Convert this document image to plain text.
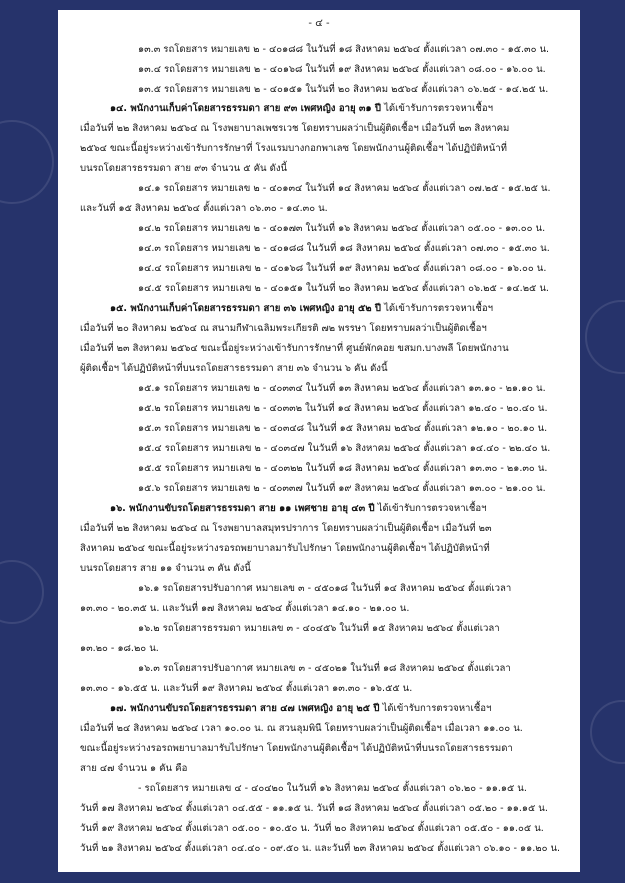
- ๔ -
๑๓.๓ รถโดยสาร หมายเลข ๒ - ๔๐๑๘๘ ในวันที่ ๑๘ สิงหาคม ๒๕๖๔ ตั้งแต่เวลา ๐๗.๓๐ - ๑๕.๓๐ น.
๑๓.๔ รถโดยสาร หมายเลข ๒ - ๔๐๑๖๘ ในวันที่ ๑๙ สิงหาคม ๒๕๖๔ ตั้งแต่เวลา ๐๘.๐๐ - ๑๖.๐๐ น.
๑๓.๕ รถโดยสาร หมายเลข ๒ - ๔๐๑๕๑ ในวันที่ ๒๐ สิงหาคม ๒๕๖๔ ตั้งแต่เวลา ๐๖.๒๕ - ๑๔.๒๕ น.
๑๔. พนักงานเก็บค่าโดยสารธรรมดา สาย ๙๓ เพศหญิง อายุ ๓๑ ปี ได้เข้ารับการตรวจหาเชื้อฯ
เมื่อวันที่ ๒๒ สิงหาคม ๒๕๖๔ ณ โรงพยาบาลเพชรเวช โดยทราบผลว่าเป็นผู้ติดเชื้อฯ เมื่อวันที่ ๒๓ สิงหาคม
๒๕๖๔ ขณะนี้อยู่ระหว่างเข้ารับการรักษาที่ โรงแรมบางกอกพาเลซ โดยพนักงานผู้ติดเชื้อฯ ได้ปฏิบัติหน้าที่
บนรถโดยสารธรรมดา สาย ๙๓ จำนวน ๕ คัน ดังนี้
๑๔.๑ รถโดยสาร หมายเลข ๒ - ๔๐๑๓๔ ในวันที่ ๑๔ สิงหาคม ๒๕๖๔ ตั้งแต่เวลา ๐๗.๒๕ - ๑๕.๒๕ น.
และวันที่ ๑๕ สิงหาคม ๒๕๖๔ ตั้งแต่เวลา ๐๖.๓๐ - ๑๔.๓๐ น.
๑๔.๒ รถโดยสาร หมายเลข ๒ - ๔๐๑๗๓ ในวันที่ ๑๖ สิงหาคม ๒๕๖๔ ตั้งแต่เวลา ๐๕.๐๐ - ๑๓.๐๐ น.
๑๔.๓ รถโดยสาร หมายเลข ๒ - ๔๐๑๘๘ ในวันที่ ๑๘ สิงหาคม ๒๕๖๔ ตั้งแต่เวลา ๐๗.๓๐ - ๑๕.๓๐ น.
๑๔.๔ รถโดยสาร หมายเลข ๒ - ๔๐๑๖๘ ในวันที่ ๑๙ สิงหาคม ๒๕๖๔ ตั้งแต่เวลา ๐๘.๐๐ - ๑๖.๐๐ น.
๑๔.๕ รถโดยสาร หมายเลข ๒ - ๔๐๑๕๑ ในวันที่ ๒๐ สิงหาคม ๒๕๖๔ ตั้งแต่เวลา ๐๖.๒๕ - ๑๔.๒๕ น.
๑๕. พนักงานเก็บค่าโดยสารธรรมดา สาย ๓๖ เพศหญิง อายุ ๕๒ ปี ได้เข้ารับการตรวจหาเชื้อฯ
เมื่อวันที่ ๒๐ สิงหาคม ๒๕๖๔ ณ สนามกีฬาเฉลิมพระเกียรติ ๗๒ พรรษา โดยทราบผลว่าเป็นผู้ติดเชื้อฯ
เมื่อวันที่ ๒๓ สิงหาคม ๒๕๖๔ ขณะนี้อยู่ระหว่างเข้ารับการรักษาที่ ศูนย์พักคอย ขสมก.บางพลี โดยพนักงาน
ผู้ติดเชื้อฯ ได้ปฏิบัติหน้าที่บนรถโดยสารธรรมดา สาย ๓๖ จำนวน ๖ คัน ดังนี้
๑๕.๑ รถโดยสาร หมายเลข ๒ - ๔๐๓๓๔ ในวันที่ ๑๓ สิงหาคม ๒๕๖๔ ตั้งแต่เวลา ๑๓.๑๐ - ๒๑.๑๐ น.
๑๕.๒ รถโดยสาร หมายเลข ๒ - ๔๐๓๓๒ ในวันที่ ๑๔ สิงหาคม ๒๕๖๔ ตั้งแต่เวลา ๑๒.๔๐ - ๒๐.๔๐ น.
๑๕.๓ รถโดยสาร หมายเลข ๒ - ๔๐๓๔๘ ในวันที่ ๑๕ สิงหาคม ๒๕๖๔ ตั้งแต่เวลา ๑๒.๑๐ - ๒๐.๑๐ น.
๑๕.๔ รถโดยสาร หมายเลข ๒ - ๔๐๓๔๗ ในวันที่ ๑๖ สิงหาคม ๒๕๖๔ ตั้งแต่เวลา ๑๔.๔๐ - ๒๒.๔๐ น.
๑๕.๕ รถโดยสาร หมายเลข ๒ - ๔๐๓๒๒ ในวันที่ ๑๘ สิงหาคม ๒๕๖๔ ตั้งแต่เวลา ๑๓.๓๐ - ๒๑.๓๐ น.
๑๕.๖ รถโดยสาร หมายเลข ๒ - ๔๐๓๓๗ ในวันที่ ๑๙ สิงหาคม ๒๕๖๔ ตั้งแต่เวลา ๑๓.๐๐ - ๒๑.๐๐ น.
๑๖. พนักงานขับรถโดยสารธรรมดา สาย ๑๑ เพศชาย อายุ ๔๓ ปี ได้เข้ารับการตรวจหาเชื้อฯ
เมื่อวันที่ ๒๒ สิงหาคม ๒๕๖๔ ณ โรงพยาบาลสมุทรปราการ โดยทราบผลว่าเป็นผู้ติดเชื้อฯ เมื่อวันที่ ๒๓
สิงหาคม ๒๕๖๔ ขณะนี้อยู่ระหว่างรอรถพยาบาลมารับไปรักษา โดยพนักงานผู้ติดเชื้อฯ ได้ปฏิบัติหน้าที่
บนรถโดยสาร สาย ๑๑ จำนวน ๓ คัน ดังนี้
๑๖.๑ รถโดยสารปรับอากาศ หมายเลข ๓ - ๔๕๐๑๘ ในวันที่ ๑๔ สิงหาคม ๒๕๖๔ ตั้งแต่เวลา
๑๓.๓๐ - ๒๐.๓๕ น. และวันที่ ๑๗ สิงหาคม ๒๕๖๔ ตั้งแต่เวลา ๑๔.๑๐ - ๒๑.๐๐ น.
๑๖.๒ รถโดยสารธรรมดา หมายเลข ๓ - ๔๐๔๕๖ ในวันที่ ๑๕ สิงหาคม ๒๕๖๔ ตั้งแต่เวลา
๑๓.๒๐ - ๑๘.๒๐ น.
๑๖.๓ รถโดยสารปรับอากาศ หมายเลข ๓ - ๔๕๐๒๑ ในวันที่ ๑๘ สิงหาคม ๒๕๖๔ ตั้งแต่เวลา
๑๓.๓๐ - ๑๖.๕๕ น. และวันที่ ๑๙ สิงหาคม ๒๕๖๔ ตั้งแต่เวลา ๑๓.๓๐ - ๑๖.๕๕ น.
๑๗. พนักงานขับรถโดยสารธรรมดา สาย ๔๗ เพศหญิง อายุ ๒๕ ปี ได้เข้ารับการตรวจหาเชื้อฯ
เมื่อวันที่ ๒๔ สิงหาคม ๒๕๖๔ เวลา ๑๐.๐๐ น. ณ สวนลุมพินี โดยทราบผลว่าเป็นผู้ติดเชื้อฯ เมื่อเวลา ๑๑.๐๐ น.
ขณะนี้อยู่ระหว่างรอรถพยาบาลมารับไปรักษา โดยพนักงานผู้ติดเชื้อฯ ได้ปฏิบัติหน้าที่บนรถโดยสารธรรมดา
สาย ๔๗ จำนวน ๑ คัน คือ
- รถโดยสาร หมายเลข ๔ - ๔๐๔๒๐ ในวันที่ ๑๖ สิงหาคม ๒๕๖๔ ตั้งแต่เวลา ๐๖.๒๐ - ๑๑.๑๕ น.
วันที่ ๑๗ สิงหาคม ๒๕๖๔ ตั้งแต่เวลา ๐๔.๕๕ - ๑๑.๑๕ น. วันที่ ๑๘ สิงหาคม ๒๕๖๔ ตั้งแต่เวลา ๐๕.๒๐ - ๑๑.๑๕ น.
วันที่ ๑๙ สิงหาคม ๒๕๖๔ ตั้งแต่เวลา ๐๕.๐๐ - ๑๐.๕๐ น. วันที่ ๒๐ สิงหาคม ๒๕๖๔ ตั้งแต่เวลา ๐๕.๕๐ - ๑๑.๐๕ น.
วันที่ ๒๑ สิงหาคม ๒๕๖๔ ตั้งแต่เวลา ๐๔.๔๐ - ๐๙.๕๐ น. และวันที่ ๒๓ สิงหาคม ๒๕๖๔ ตั้งแต่เวลา ๐๖.๑๐ - ๑๑.๒๐ น.
